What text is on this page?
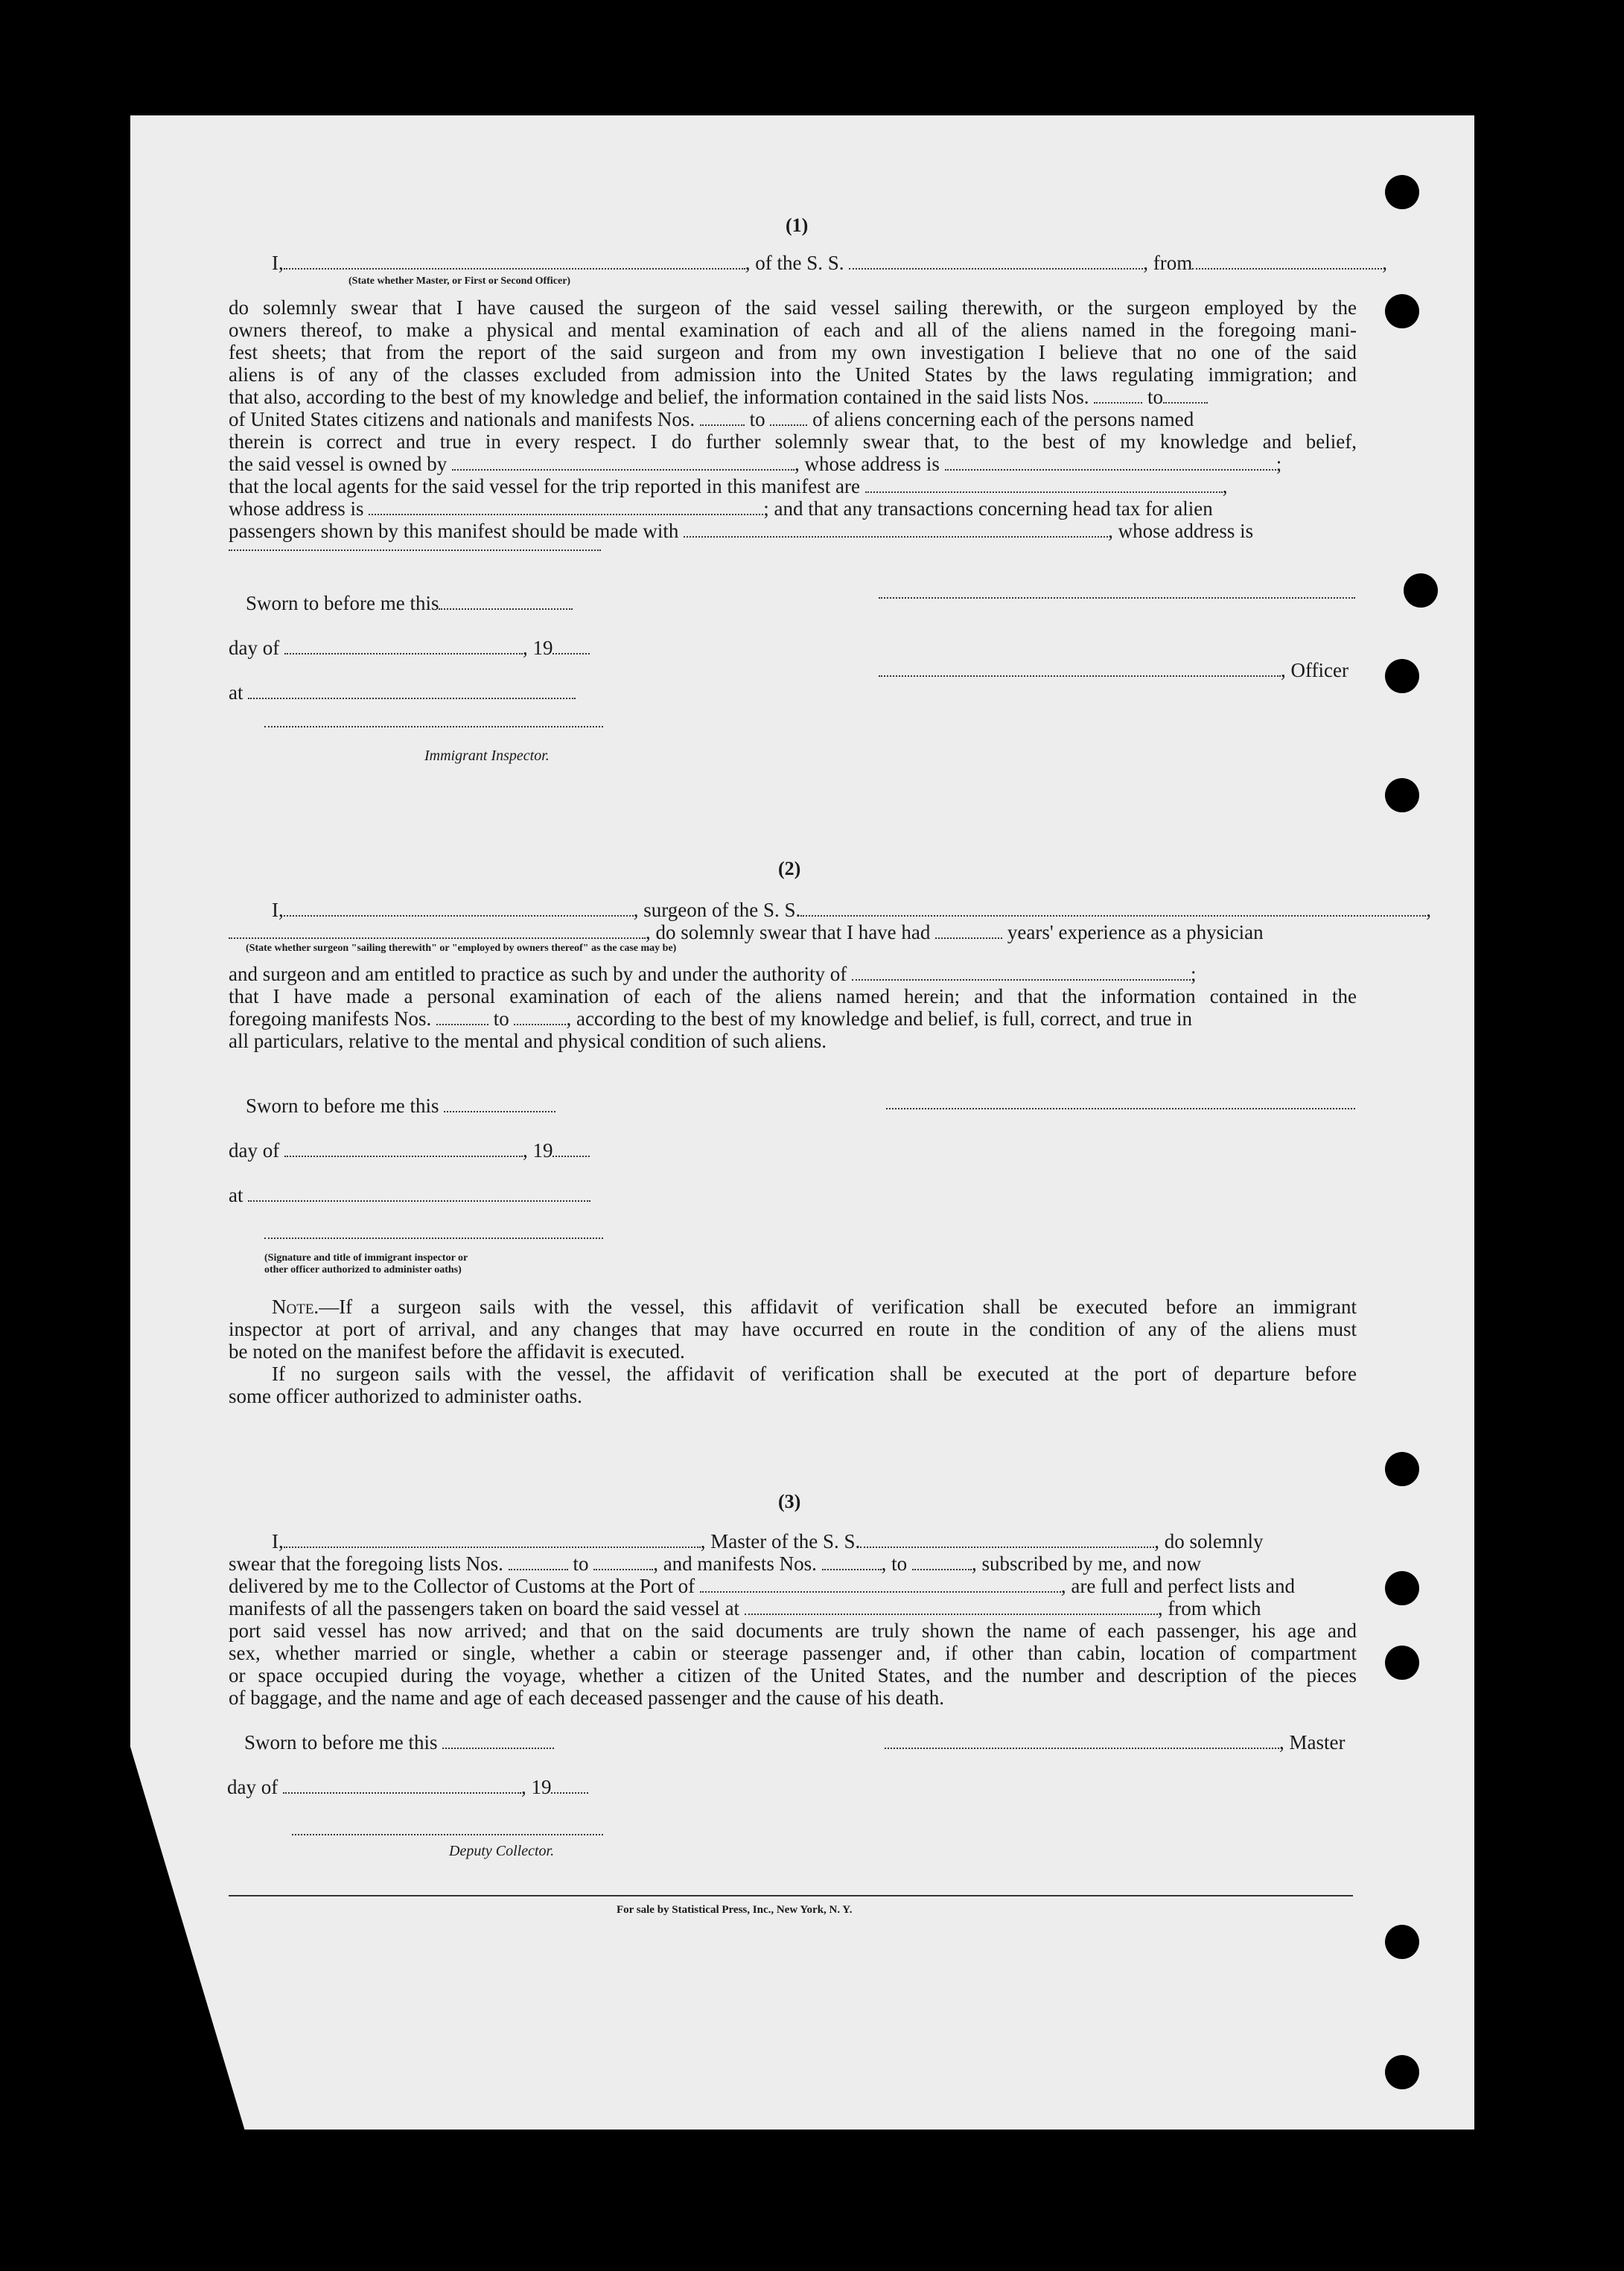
(1)
I,	, of the S. S.	, from	,
(State whether Master, or First or Second Officer)
do solemnly swear that I have caused the surgeon of the said vessel sailing therewith, or the surgeon employed by the
owners thereof, to make a physical and mental examination of each and all of the aliens named in the foregoing mani-
fest sheets; that from the report of the said surgeon and from my own investigation I believe that no one of the said
aliens is of any of the classes excluded from admission into the United States by the laws regulating immigration; and
that also, according to the best of my knowledge and belief, the information contained in the said lists Nos.	to
of United States citizens and nationals and manifests Nos.	to of aliens concerning each of the persons named
therein is correct and true in every respect. I do further solemnly swear that, to the best of my knowledge and belief,
the said vessel is owned by	, whose address is	;
that the local agents for the said vessel for the trip reported in this manifest are	,
whose address is	; and that any transactions concerning head tax for alien
passengers shown by this manifest should be made with	, whose address is
Sworn to before me this
day of	, 19
at
, Officer
Immigrant Inspector.
(2)
I,	, surgeon of the S. S.	,
, do solemnly swear that I have had	years' experience as a physician
(State whether surgeon "sailing therewith" or "employed by owners thereof" as the case may be)
and surgeon and am entitled to practice as such by and under the authority of	;
that I have made a personal examination of each of the aliens named herein; and that the information contained in the
foregoing manifests Nos.	to	, according to the best of my knowledge and belief, is full, correct, and true in
all particulars, relative to the mental and physical condition of such aliens.
Sworn to before me this
day of	, 19
at
(Signature and title of immigrant inspector or
other officer authorized to administer oaths)
Note.—If a surgeon sails with the vessel, this affidavit of verification shall be executed before an immigrant
inspector at port of arrival, and any changes that may have occurred en route in the condition of any of the aliens must
be noted on the manifest before the affidavit is executed.
If no surgeon sails with the vessel, the affidavit of verification shall be executed at the port of departure before
some officer authorized to administer oaths.
(3)
I,	, Master of the S. S.	, do solemnly
swear that the foregoing lists Nos.	to	, and manifests Nos.	, to	, subscribed by me, and now
delivered by me to the Collector of Customs at the Port of	, are full and perfect lists and
manifests of all the passengers taken on board the said vessel at	, from which
port said vessel has now arrived; and that on the said documents are truly shown the name of each passenger, his age and
sex, whether married or single, whether a cabin or steerage passenger and, if other than cabin, location of compartment
or space occupied during the voyage, whether a citizen of the United States, and the number and description of the pieces
of baggage, and the name and age of each deceased passenger and the cause of his death.
Sworn to before me this	, Master
day of	, 19
Deputy Collector.
For sale by Statistical Press, Inc., New York, N. Y.
